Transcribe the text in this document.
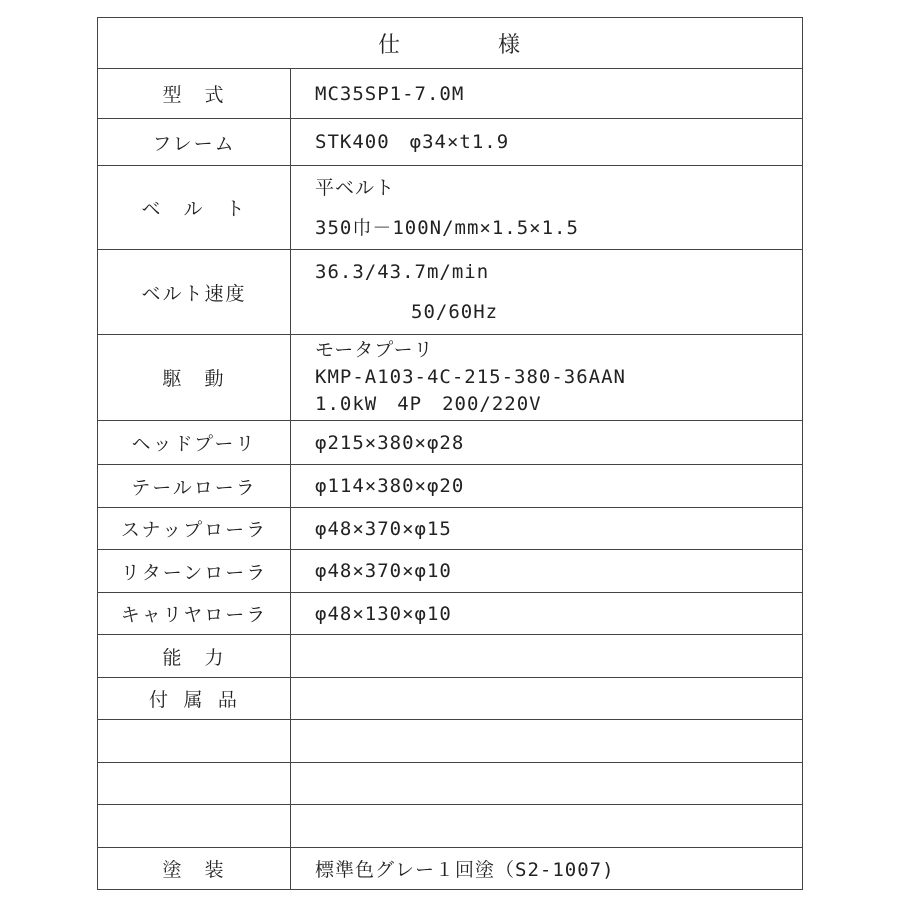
仕　　　　様	
型　式	MC35SP1-7.0M

フレーム	STK400　φ34×t1.9

ベ　ル　ト	平ベルト
350巾－100N/mm×1.5×1.5

ベルト速度	36.3/43.7m/min
50/60Hz

駆　動	モータプーリ
KMP-A103-4C-215-380-36AAN
1.0kW　4P　200/220V

ヘッドプーリ	φ215×380×φ28
テールローラ	φ114×380×φ20
スナップローラ	φ48×370×φ15
リターンローラ	φ48×370×φ10
キャリヤローラ	φ48×130×φ10
能　力	
付 属 品	

塗　装	標準色グレー１回塗（S2-1007)
